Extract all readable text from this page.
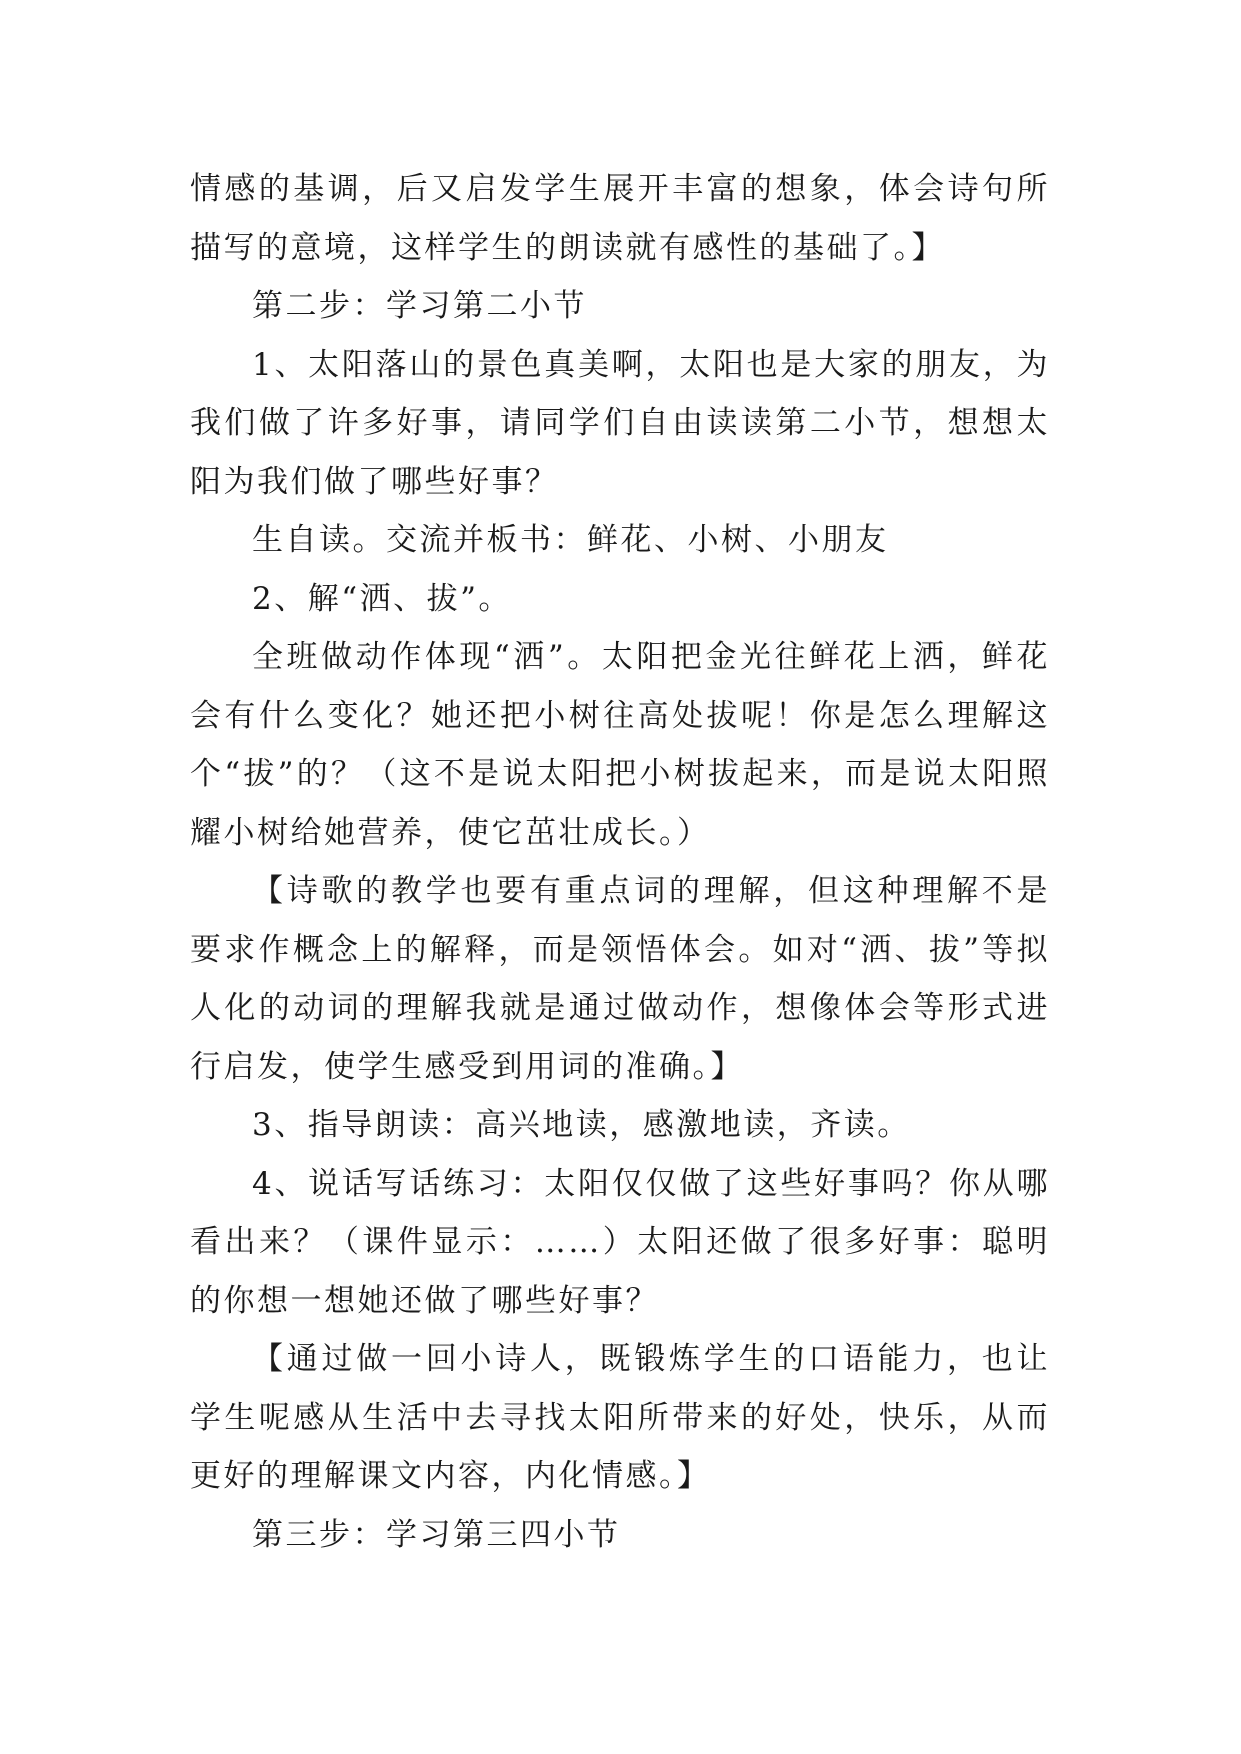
情感的基调，后又启发学生展开丰富的想象，体会诗句所描写的意境，这样学生的朗读就有感性的基础了。】

第二步：学习第二小节

1、太阳落山的景色真美啊，太阳也是大家的朋友，为我们做了许多好事，请同学们自由读读第二小节，想想太阳为我们做了哪些好事？

生自读。交流并板书：鲜花、小树、小朋友

2、解“洒、拔”。

全班做动作体现“洒”。太阳把金光往鲜花上洒，鲜花会有什么变化？她还把小树往高处拔呢！你是怎么理解这个“拔”的？（这不是说太阳把小树拔起来，而是说太阳照耀小树给她营养，使它茁壮成长。）

【诗歌的教学也要有重点词的理解，但这种理解不是要求作概念上的解释，而是领悟体会。如对“洒、拔”等拟人化的动词的理解我就是通过做动作，想像体会等形式进行启发，使学生感受到用词的准确。】

3、指导朗读：高兴地读，感激地读，齐读。

4、说话写话练习：太阳仅仅做了这些好事吗？你从哪看出来？（课件显示：……）太阳还做了很多好事：聪明的你想一想她还做了哪些好事？

【通过做一回小诗人，既锻炼学生的口语能力，也让学生呢感从生活中去寻找太阳所带来的好处，快乐，从而更好的理解课文内容，内化情感。】

第三步：学习第三四小节
